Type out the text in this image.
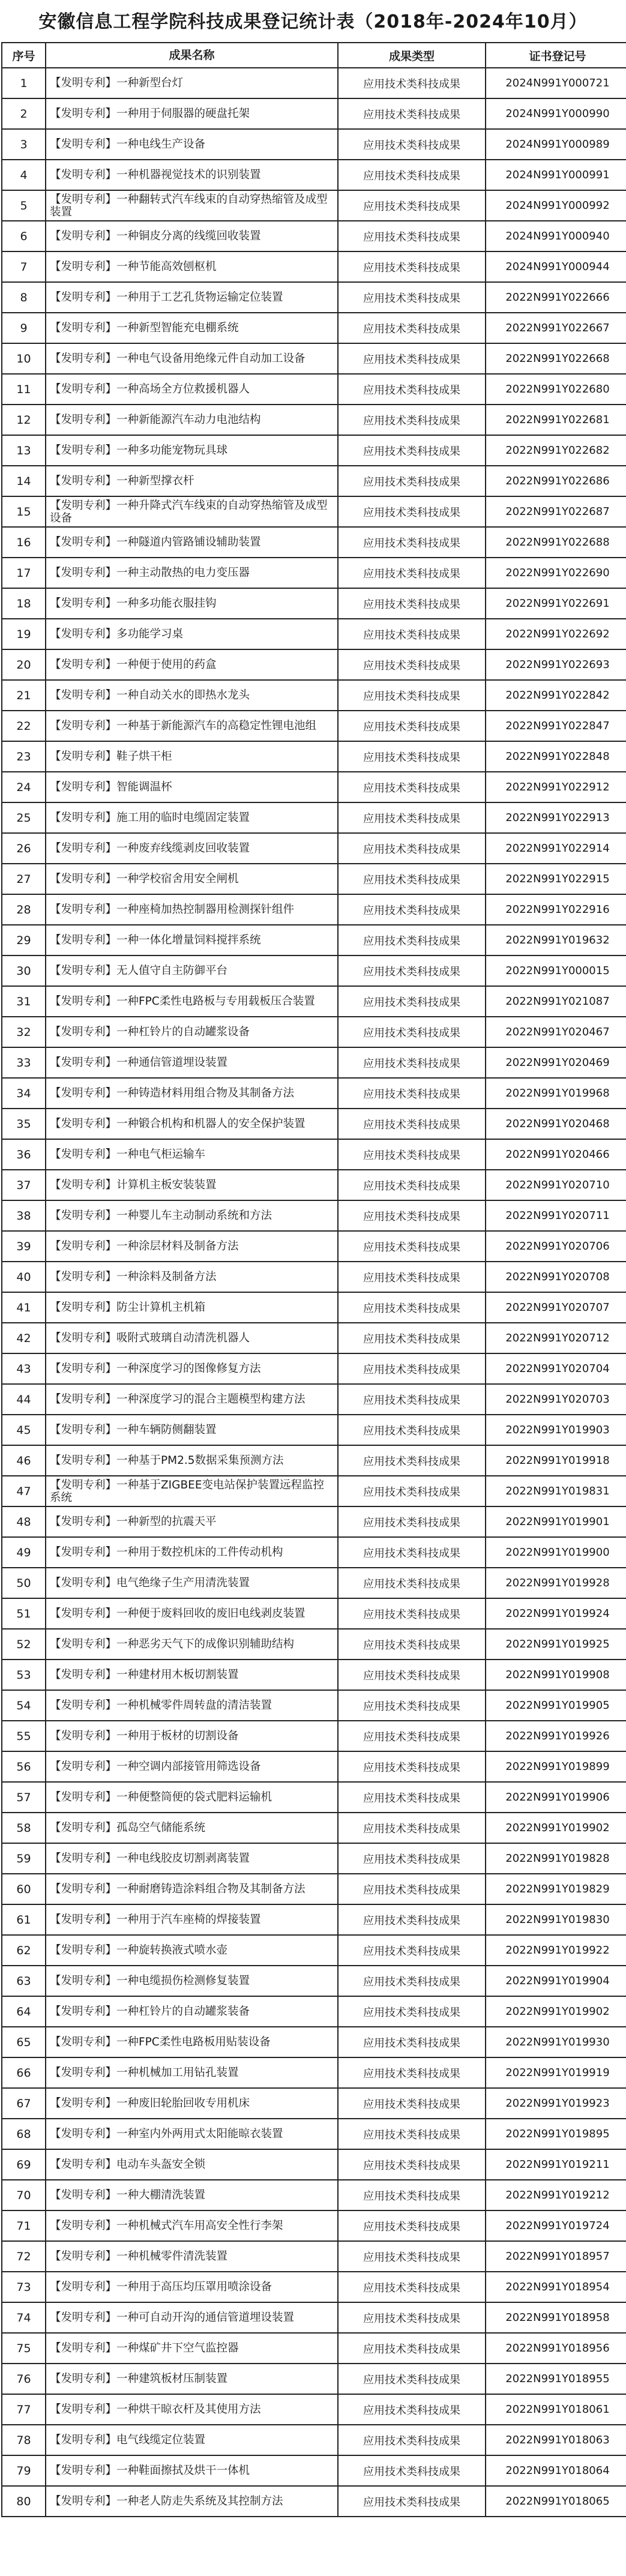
安徽信息工程学院科技成果登记统计表（2018年-2024年10月）
序号	成果名称	成果类型	证书登记号
1	【发明专利】一种新型台灯	应用技术类科技成果	2024N991Y000721
2	【发明专利】一种用于伺服器的硬盘托架	应用技术类科技成果	2024N991Y000990
3	【发明专利】一种电线生产设备	应用技术类科技成果	2024N991Y000989
4	【发明专利】一种机器视觉技术的识别装置	应用技术类科技成果	2024N991Y000991
5	【发明专利】一种翻转式汽车线束的自动穿热缩管及成型装置	应用技术类科技成果	2024N991Y000992
6	【发明专利】一种铜皮分离的线缆回收装置	应用技术类科技成果	2024N991Y000940
7	【发明专利】一种节能高效刨枢机	应用技术类科技成果	2024N991Y000944
8	【发明专利】一种用于工艺孔货物运输定位装置	应用技术类科技成果	2022N991Y022666
9	【发明专利】一种新型智能充电棚系统	应用技术类科技成果	2022N991Y022667
10	【发明专利】一种电气设备用绝缘元件自动加工设备	应用技术类科技成果	2022N991Y022668
11	【发明专利】一种高场全方位救援机器人	应用技术类科技成果	2022N991Y022680
12	【发明专利】一种新能源汽车动力电池结构	应用技术类科技成果	2022N991Y022681
13	【发明专利】一种多功能宠物玩具球	应用技术类科技成果	2022N991Y022682
14	【发明专利】一种新型撑衣杆	应用技术类科技成果	2022N991Y022686
15	【发明专利】一种升降式汽车线束的自动穿热缩管及成型设备	应用技术类科技成果	2022N991Y022687
16	【发明专利】一种隧道内管路铺设辅助装置	应用技术类科技成果	2022N991Y022688
17	【发明专利】一种主动散热的电力变压器	应用技术类科技成果	2022N991Y022690
18	【发明专利】一种多功能衣服挂钩	应用技术类科技成果	2022N991Y022691
19	【发明专利】多功能学习桌	应用技术类科技成果	2022N991Y022692
20	【发明专利】一种便于使用的药盒	应用技术类科技成果	2022N991Y022693
21	【发明专利】一种自动关水的即热水龙头	应用技术类科技成果	2022N991Y022842
22	【发明专利】一种基于新能源汽车的高稳定性锂电池组	应用技术类科技成果	2022N991Y022847
23	【发明专利】鞋子烘干柜	应用技术类科技成果	2022N991Y022848
24	【发明专利】智能调温杯	应用技术类科技成果	2022N991Y022912
25	【发明专利】施工用的临时电缆固定装置	应用技术类科技成果	2022N991Y022913
26	【发明专利】一种废弃线缆剥皮回收装置	应用技术类科技成果	2022N991Y022914
27	【发明专利】一种学校宿舍用安全闸机	应用技术类科技成果	2022N991Y022915
28	【发明专利】一种座椅加热控制器用检测探针组件	应用技术类科技成果	2022N991Y022916
29	【发明专利】一种一体化增量饲料搅拌系统	应用技术类科技成果	2022N991Y019632
30	【发明专利】无人值守自主防御平台	应用技术类科技成果	2022N991Y000015
31	【发明专利】一种FPC柔性电路板与专用载板压合装置	应用技术类科技成果	2022N991Y021087
32	【发明专利】一种杠铃片的自动罐浆设备	应用技术类科技成果	2022N991Y020467
33	【发明专利】一种通信管道埋设装置	应用技术类科技成果	2022N991Y020469
34	【发明专利】一种铸造材料用组合物及其制备方法	应用技术类科技成果	2022N991Y019968
35	【发明专利】一种锻合机构和机器人的安全保护装置	应用技术类科技成果	2022N991Y020468
36	【发明专利】一种电气柜运输车	应用技术类科技成果	2022N991Y020466
37	【发明专利】计算机主板安装装置	应用技术类科技成果	2022N991Y020710
38	【发明专利】一种婴儿车主动制动系统和方法	应用技术类科技成果	2022N991Y020711
39	【发明专利】一种涂层材料及制备方法	应用技术类科技成果	2022N991Y020706
40	【发明专利】一种涂料及制备方法	应用技术类科技成果	2022N991Y020708
41	【发明专利】防尘计算机主机箱	应用技术类科技成果	2022N991Y020707
42	【发明专利】吸附式玻璃自动清洗机器人	应用技术类科技成果	2022N991Y020712
43	【发明专利】一种深度学习的图像修复方法	应用技术类科技成果	2022N991Y020704
44	【发明专利】一种深度学习的混合主题模型构建方法	应用技术类科技成果	2022N991Y020703
45	【发明专利】一种车辆防侧翻装置	应用技术类科技成果	2022N991Y019903
46	【发明专利】一种基于PM2.5数据采集预测方法	应用技术类科技成果	2022N991Y019918
47	【发明专利】一种基于ZIGBEE变电站保护装置远程监控系统	应用技术类科技成果	2022N991Y019831
48	【发明专利】一种新型的抗震天平	应用技术类科技成果	2022N991Y019901
49	【发明专利】一种用于数控机床的工件传动机构	应用技术类科技成果	2022N991Y019900
50	【发明专利】电气绝缘子生产用清洗装置	应用技术类科技成果	2022N991Y019928
51	【发明专利】一种便于废料回收的废旧电线剥皮装置	应用技术类科技成果	2022N991Y019924
52	【发明专利】一种恶劣天气下的成像识别辅助结构	应用技术类科技成果	2022N991Y019925
53	【发明专利】一种建材用木板切割装置	应用技术类科技成果	2022N991Y019908
54	【发明专利】一种机械零件周转盘的清洁装置	应用技术类科技成果	2022N991Y019905
55	【发明专利】一种用于板材的切割设备	应用技术类科技成果	2022N991Y019926
56	【发明专利】一种空调内部接管用筛选设备	应用技术类科技成果	2022N991Y019899
57	【发明专利】一种便整筒便的袋式肥料运输机	应用技术类科技成果	2022N991Y019906
58	【发明专利】孤岛空气储能系统	应用技术类科技成果	2022N991Y019902
59	【发明专利】一种电线胶皮切割剥离装置	应用技术类科技成果	2022N991Y019828
60	【发明专利】一种耐磨铸造涂料组合物及其制备方法	应用技术类科技成果	2022N991Y019829
61	【发明专利】一种用于汽车座椅的焊接装置	应用技术类科技成果	2022N991Y019830
62	【发明专利】一种旋转换液式喷水壶	应用技术类科技成果	2022N991Y019922
63	【发明专利】一种电缆损伤检测修复装置	应用技术类科技成果	2022N991Y019904
64	【发明专利】一种杠铃片的自动罐浆装备	应用技术类科技成果	2022N991Y019902
65	【发明专利】一种FPC柔性电路板用贴装设备	应用技术类科技成果	2022N991Y019930
66	【发明专利】一种机械加工用钻孔装置	应用技术类科技成果	2022N991Y019919
67	【发明专利】一种废旧轮胎回收专用机床	应用技术类科技成果	2022N991Y019923
68	【发明专利】一种室内外两用式太阳能晾衣装置	应用技术类科技成果	2022N991Y019895
69	【发明专利】电动车头盔安全锁	应用技术类科技成果	2022N991Y019211
70	【发明专利】一种大棚清洗装置	应用技术类科技成果	2022N991Y019212
71	【发明专利】一种机械式汽车用高安全性行李架	应用技术类科技成果	2022N991Y019724
72	【发明专利】一种机械零件清洗装置	应用技术类科技成果	2022N991Y018957
73	【发明专利】一种用于高压均压罩用喷涂设备	应用技术类科技成果	2022N991Y018954
74	【发明专利】一种可自动开沟的通信管道埋设装置	应用技术类科技成果	2022N991Y018958
75	【发明专利】一种煤矿井下空气监控器	应用技术类科技成果	2022N991Y018956
76	【发明专利】一种建筑板材压制装置	应用技术类科技成果	2022N991Y018955
77	【发明专利】一种烘干晾衣杆及其使用方法	应用技术类科技成果	2022N991Y018061
78	【发明专利】电气线缆定位装置	应用技术类科技成果	2022N991Y018063
79	【发明专利】一种鞋面擦拭及烘干一体机	应用技术类科技成果	2022N991Y018064
80	【发明专利】一种老人防走失系统及其控制方法	应用技术类科技成果	2022N991Y018065
